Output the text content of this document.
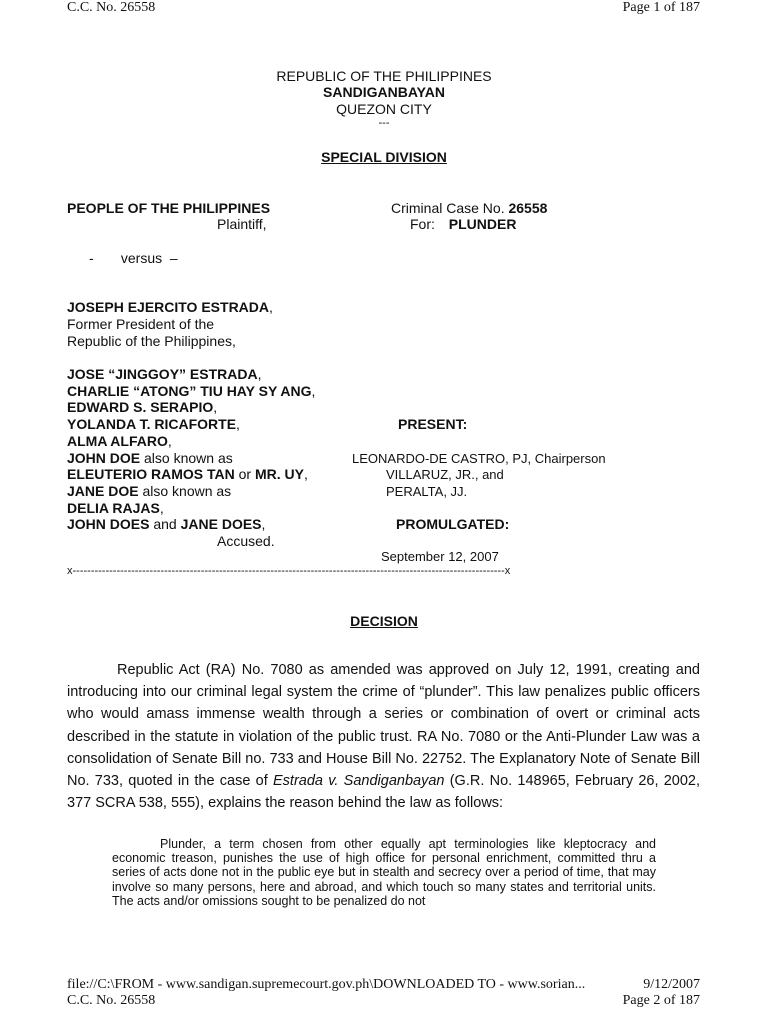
C.C. No. 26558	Page 1 of 187
REPUBLIC OF THE PHILIPPINES
SANDIGANBAYAN
QUEZON CITY
---
SPECIAL DIVISION
PEOPLE OF THE PHILIPPINES
Plaintiff,
Criminal Case No. 26558
For: PLUNDER
-       versus  –
JOSEPH EJERCITO ESTRADA,
Former President of the
Republic of the Philippines,
JOSE “JINGGOY” ESTRADA,
CHARLIE “ATONG” TIU HAY SY ANG,
EDWARD S. SERAPIO,
YOLANDA T. RICAFORTE,
ALMA ALFARO,
JOHN DOE also known as
ELEUTERIO RAMOS TAN or MR. UY,
JANE DOE also known as
DELIA RAJAS,
JOHN DOES and JANE DOES,
Accused.
PRESENT:
LEONARDO-DE CASTRO, PJ, Chairperson
VILLARUZ, JR., and
PERALTA, JJ.
PROMULGATED:
September 12, 2007
x----------------------------------------------------------------------------------------------------------------------x
DECISION

Republic Act (RA) No. 7080 as amended was approved on July 12, 1991, creating and introducing into our criminal legal system the crime of “plunder”. This law penalizes public officers who would amass immense wealth through a series or combination of overt or criminal acts described in the statute in violation of the public trust. RA No. 7080 or the Anti-Plunder Law was a consolidation of Senate Bill no. 733 and House Bill No. 22752. The Explanatory Note of Senate Bill No. 733, quoted in the case of Estrada v. Sandiganbayan (G.R. No. 148965, February 26, 2002, 377 SCRA 538, 555), explains the reason behind the law as follows:

Plunder, a term chosen from other equally apt terminologies like kleptocracy and economic treason, punishes the use of high office for personal enrichment, committed thru a series of acts done not in the public eye but in stealth and secrecy over a period of time, that may involve so many persons, here and abroad, and which touch so many states and territorial units. The acts and/or omissions sought to be penalized do not

file://C:\FROM - www.sandigan.supremecourt.gov.ph\DOWNLOADED TO - www.sorian...	9/12/2007
C.C. No. 26558	Page 2 of 187
